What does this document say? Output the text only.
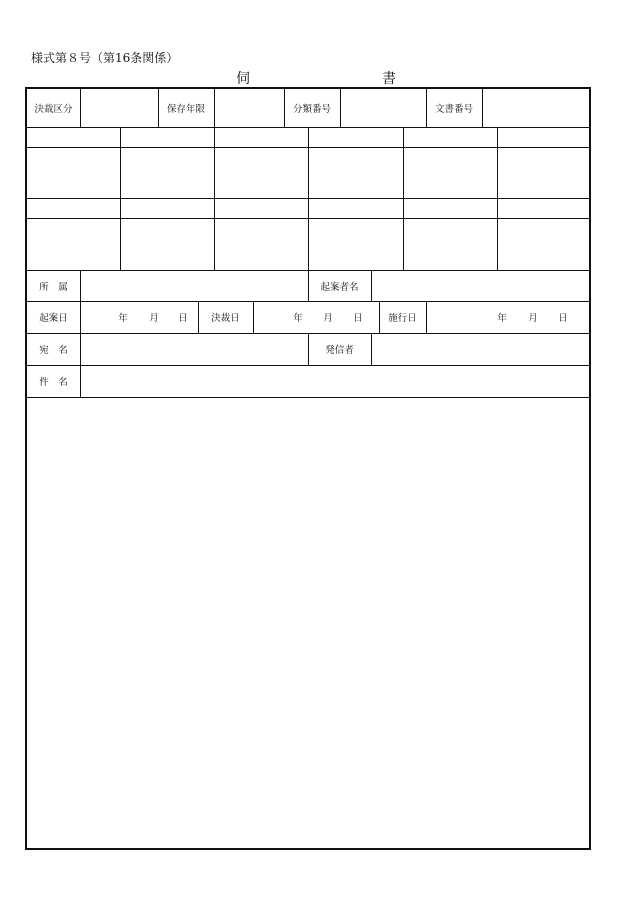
様式第８号（第16条関係）
伺	書
決裁区分	保存年限	分類番号	文書番号
所　属	起案者名
起案日	年 月 日	決裁日	年 月 日	施行日	年 月 日
宛　名	発信者
件　名
